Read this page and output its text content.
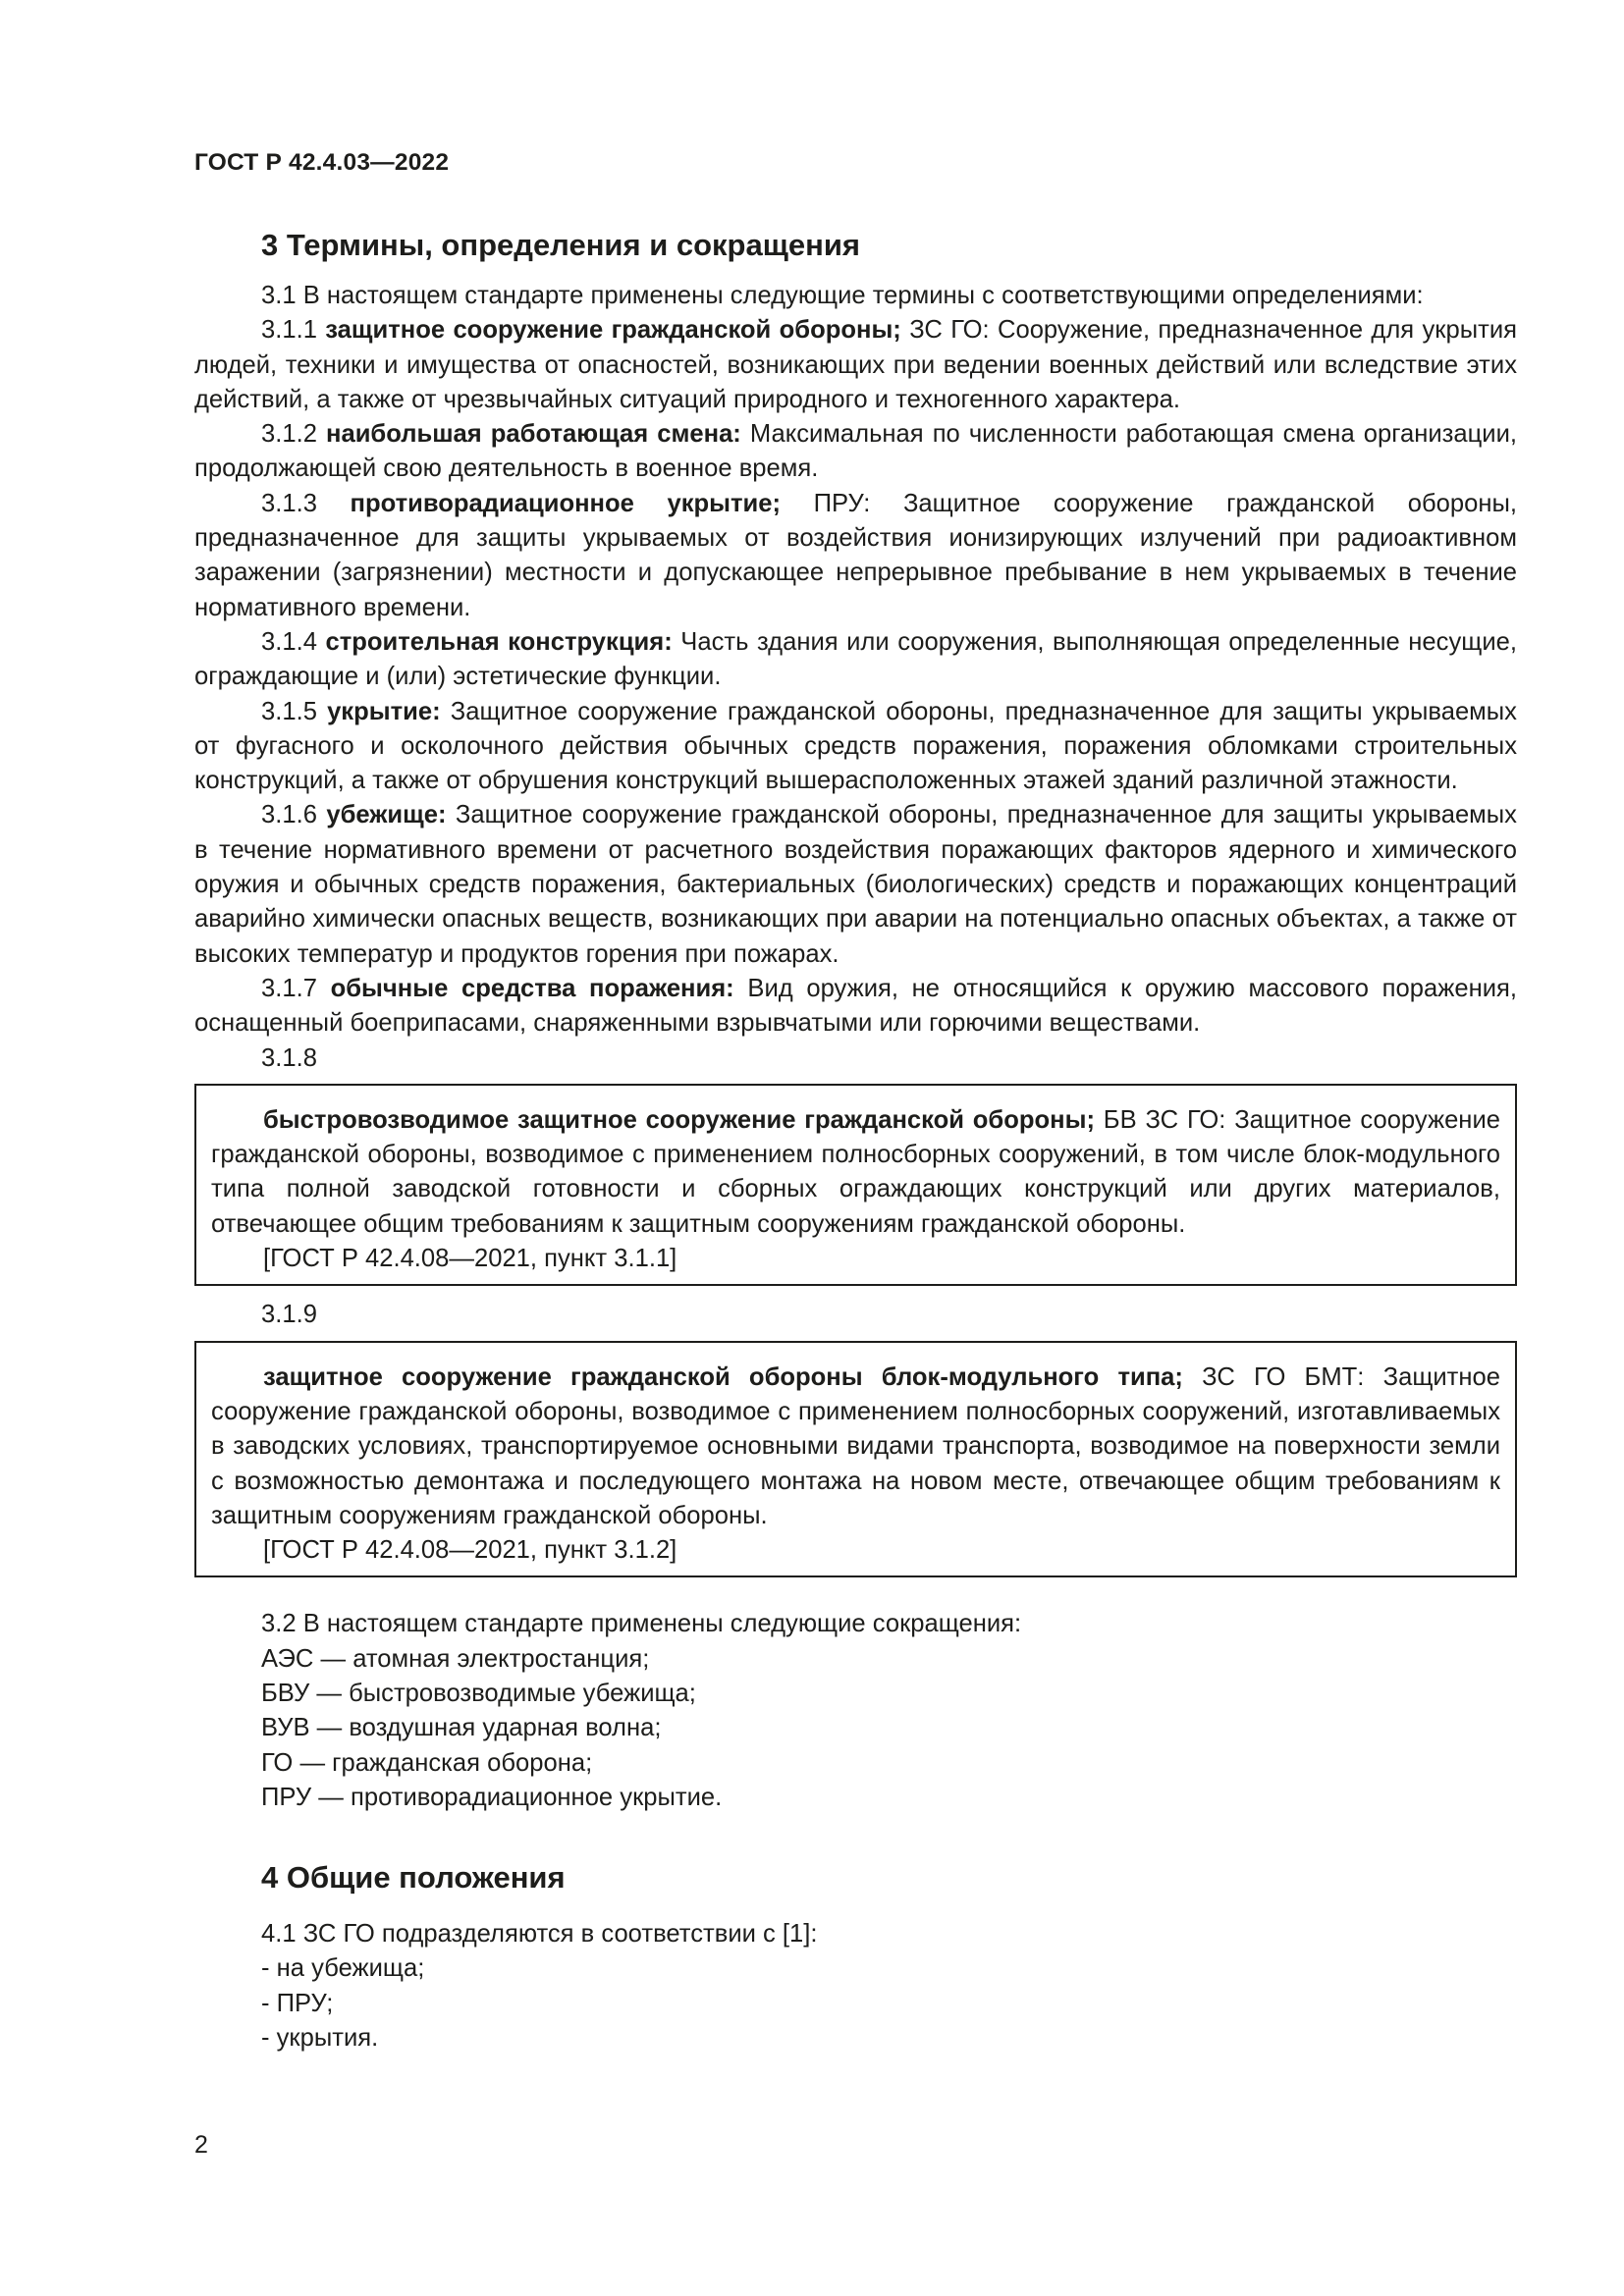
ГОСТ Р 42.4.03—2022
3 Термины, определения и сокращения

3.1 В настоящем стандарте применены следующие термины с соответствующими определениями:

3.1.1 защитное сооружение гражданской обороны; ЗС ГО: Сооружение, предназначенное для укрытия людей, техники и имущества от опасностей, возникающих при ведении военных действий или вследствие этих действий, а также от чрезвычайных ситуаций природного и техногенного характера.

3.1.2 наибольшая работающая смена: Максимальная по численности работающая смена организации, продолжающей свою деятельность в военное время.

3.1.3 противорадиационное укрытие; ПРУ: Защитное сооружение гражданской обороны, предназначенное для защиты укрываемых от воздействия ионизирующих излучений при радиоактивном заражении (загрязнении) местности и допускающее непрерывное пребывание в нем укрываемых в течение нормативного времени.

3.1.4 строительная конструкция: Часть здания или сооружения, выполняющая определенные несущие, ограждающие и (или) эстетические функции.

3.1.5 укрытие: Защитное сооружение гражданской обороны, предназначенное для защиты укрываемых от фугасного и осколочного действия обычных средств поражения, поражения обломками строительных конструкций, а также от обрушения конструкций вышерасположенных этажей зданий различной этажности.

3.1.6 убежище: Защитное сооружение гражданской обороны, предназначенное для защиты укрываемых в течение нормативного времени от расчетного воздействия поражающих факторов ядерного и химического оружия и обычных средств поражения, бактериальных (биологических) средств и поражающих концентраций аварийно химически опасных веществ, возникающих при аварии на потенциально опасных объектах, а также от высоких температур и продуктов горения при пожарах.

3.1.7 обычные средства поражения: Вид оружия, не относящийся к оружию массового поражения, оснащенный боеприпасами, снаряженными взрывчатыми или горючими веществами.

3.1.8

быстровозводимое защитное сооружение гражданской обороны; БВ ЗС ГО: Защитное сооружение гражданской обороны, возводимое с применением полносборных сооружений, в том числе блок-модульного типа полной заводской готовности и сборных ограждающих конструкций или других материалов, отвечающее общим требованиям к защитным сооружениям гражданской обороны.

[ГОСТ Р 42.4.08—2021, пункт 3.1.1]
3.1.9

защитное сооружение гражданской обороны блок-модульного типа; ЗС ГО БМТ: Защитное сооружение гражданской обороны, возводимое с применением полносборных сооружений, изготавливаемых в заводских условиях, транспортируемое основными видами транспорта, возводимое на поверхности земли с возможностью демонтажа и последующего монтажа на новом месте, отвечающее общим требованиям к защитным сооружениям гражданской обороны.

[ГОСТ Р 42.4.08—2021, пункт 3.1.2]
3.2 В настоящем стандарте применены следующие сокращения:
АЭС — атомная электростанция;
БВУ — быстровозводимые убежища;
ВУВ — воздушная ударная волна;
ГО — гражданская оборона;
ПРУ — противорадиационное укрытие.
4 Общие положения
4.1 ЗС ГО подразделяются в соответствии с [1]:
- на убежища;
- ПРУ;
- укрытия.
2
